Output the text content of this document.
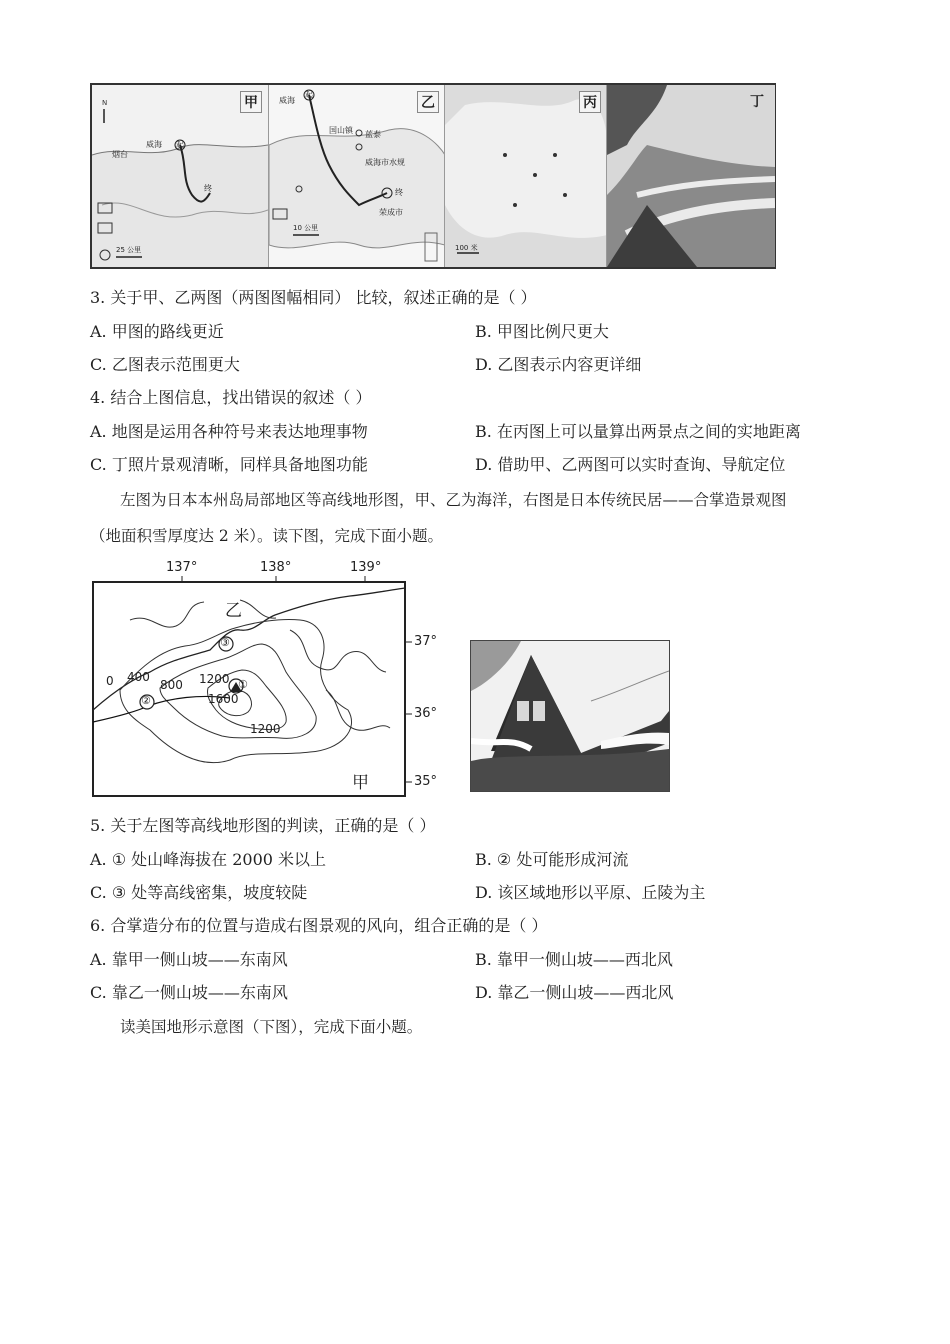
N	甲
烟台
威海 起
终
25 公里
乙
威海
起
国山镇 蓝泰
威海市水规
荣成市
终
10 公里
丙
100 米
丁
3. 关于甲、乙两图（两图图幅相同） 比较，叙述正确的是（ ）
A. 甲图的路线更近	B. 甲图比例尺更大
C. 乙图表示范围更大	D. 乙图表示内容更详细
4. 结合上图信息，找出错误的叙述（ ）
A. 地图是运用各种符号来表达地理事物	B. 在丙图上可以量算出两景点之间的实地距离
C. 丁照片景观清晰，同样具备地图功能	D. 借助甲、乙两图可以实时查询、导航定位
左图为日本本州岛局部地区等高线地形图，甲、乙为海洋，右图是日本传统民居——合掌造景观图
（地面积雪厚度达 2 米）。读下图，完成下面小题。
137°	138°	139°
37°
36°
35°
乙
甲
0 400
800 1200
1600
1200
②
③
①
5. 关于左图等高线地形图的判读，正确的是（ ）
A. ① 处山峰海拔在 2000 米以上	B. ② 处可能形成河流
C. ③ 处等高线密集，坡度较陡	D. 该区域地形以平原、丘陵为主
6. 合掌造分布的位置与造成右图景观的风向，组合正确的是（ ）
A. 靠甲一侧山坡——东南风	B. 靠甲一侧山坡——西北风
C. 靠乙一侧山坡——东南风	D. 靠乙一侧山坡——西北风
读美国地形示意图（下图），完成下面小题。
